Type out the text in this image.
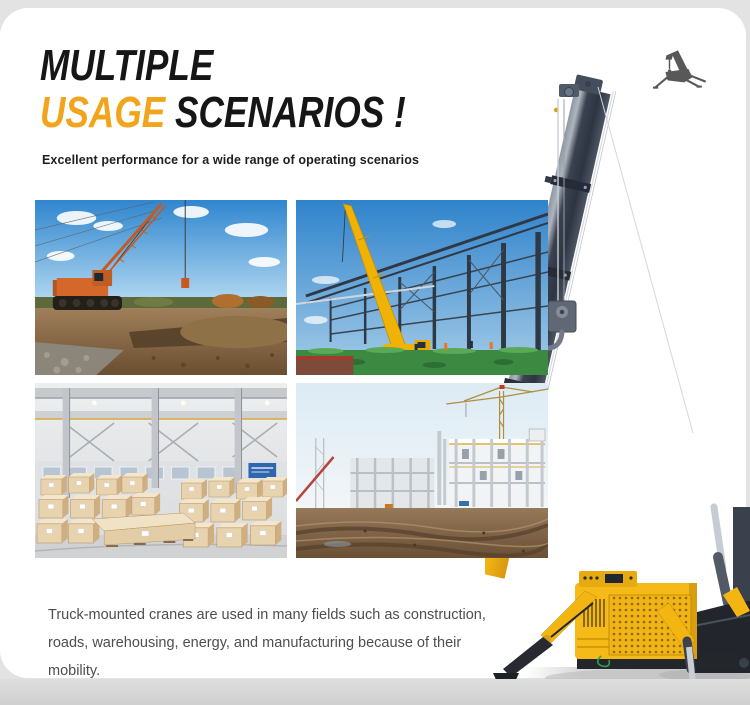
MULTIPLE
USAGE SCENARIOS !
Excellent performance for a wide range of operating scenarios

Truck-mounted cranes are used in many fields such as construction,
roads, warehousing, energy, and manufacturing because of their
mobility.
